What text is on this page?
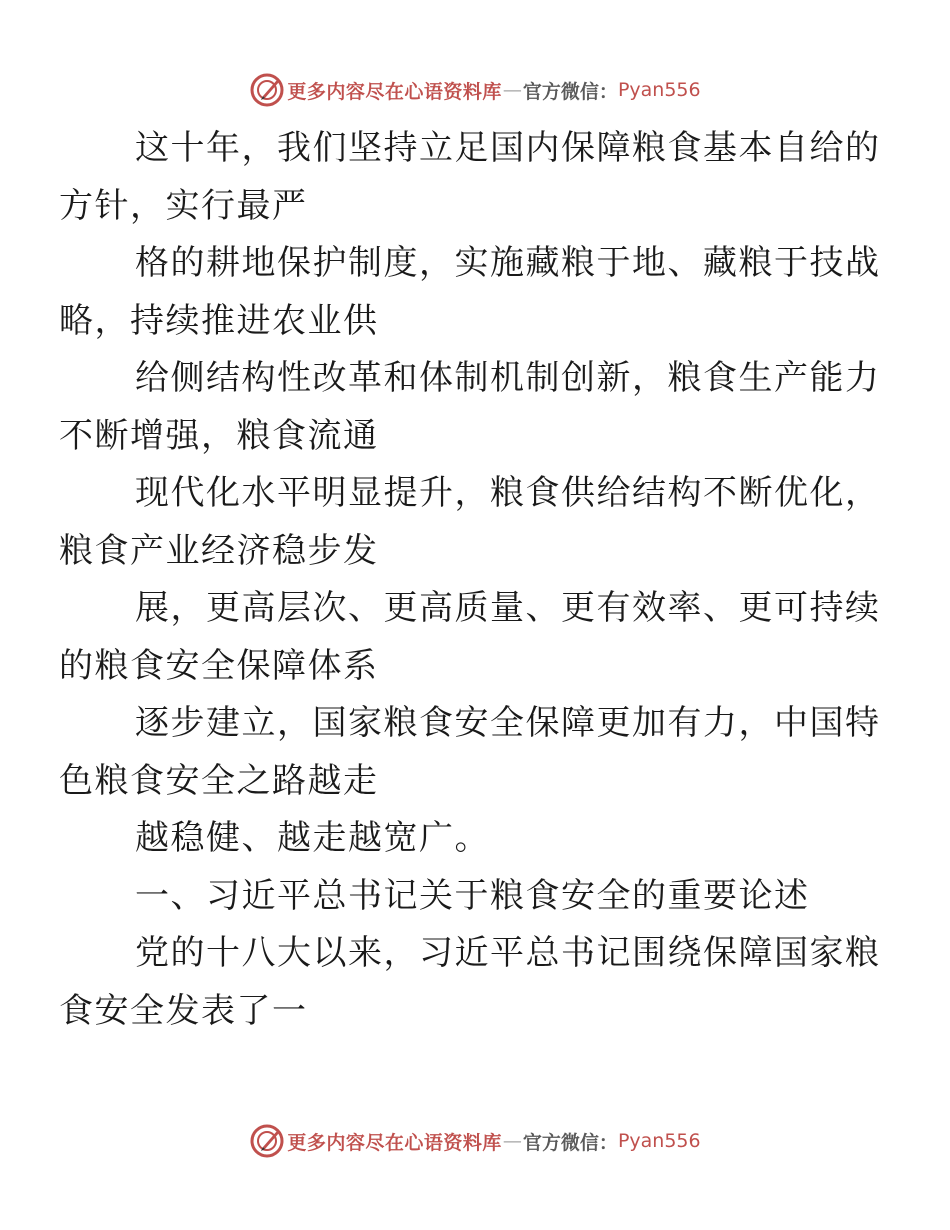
更多内容尽在心语资料库 — 官方微信： Pyan556

这十年，我们坚持立足国内保障粮食基本自给的
方针，实行最严

格的耕地保护制度，实施藏粮于地、藏粮于技战
略，持续推进农业供

给侧结构性改革和体制机制创新，粮食生产能力
不断增强，粮食流通

现代化水平明显提升，粮食供给结构不断优化，
粮食产业经济稳步发

展，更高层次、更高质量、更有效率、更可持续
的粮食安全保障体系

逐步建立，国家粮食安全保障更加有力，中国特
色粮食安全之路越走

越稳健、越走越宽广。

一、习近平总书记关于粮食安全的重要论述

党的十八大以来，习近平总书记围绕保障国家粮
食安全发表了一

更多内容尽在心语资料库 — 官方微信： Pyan556
